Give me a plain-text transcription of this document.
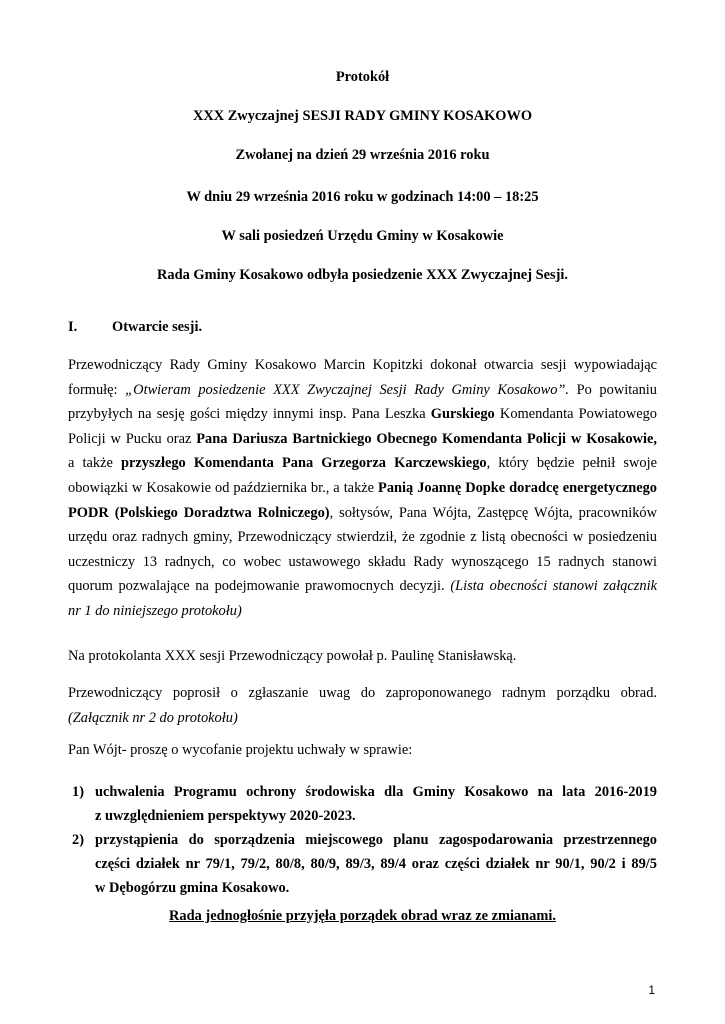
Protokół
XXX Zwyczajnej SESJI RADY GMINY KOSAKOWO
Zwołanej na dzień 29 września 2016 roku
W dniu 29 września 2016 roku w godzinach 14:00 – 18:25
W sali posiedzeń Urzędu Gminy w Kosakowie
Rada Gminy Kosakowo odbyła posiedzenie XXX Zwyczajnej Sesji.
I. Otwarcie sesji.
Przewodniczący Rady Gminy Kosakowo Marcin Kopitzki dokonał otwarcia sesji wypowiadając
formułę: „Otwieram posiedzenie XXX Zwyczajnej Sesji Rady Gminy Kosakowo”. Po powitaniu
przybyłych na sesję gości między innymi insp. Pana Leszka Gurskiego Komendanta Powiatowego
Policji w Pucku oraz Pana Dariusza Bartnickiego Obecnego Komendanta Policji w Kosakowie,
a także przyszłego Komendanta Pana Grzegorza Karczewskiego, który będzie pełnił swoje
obowiązki w Kosakowie od października br., a także Panią Joannę Dopke doradcę energetycznego
PODR (Polskiego Doradztwa Rolniczego), sołtysów, Pana Wójta, Zastępcę Wójta, pracowników
urzędu oraz radnych gminy, Przewodniczący stwierdził, że zgodnie z listą obecności w posiedzeniu
uczestniczy 13 radnych, co wobec ustawowego składu Rady wynoszącego 15 radnych stanowi
quorum pozwalające na podejmowanie prawomocnych decyzji. (Lista obecności stanowi załącznik
nr 1 do niniejszego protokołu)
Na protokolanta XXX sesji Przewodniczący powołał p. Paulinę Stanisławską.
Przewodniczący poprosił o zgłaszanie uwag do zaproponowanego radnym porządku obrad.
(Załącznik nr 2 do protokołu)
Pan Wójt- proszę o wycofanie projektu uchwały w sprawie:
1) uchwalenia Programu ochrony środowiska dla Gminy Kosakowo na lata 2016-2019
z uwzględnieniem perspektywy 2020-2023.
2) przystąpienia do sporządzenia miejscowego planu zagospodarowania przestrzennego
części działek nr 79/1, 79/2, 80/8, 80/9, 89/3, 89/4 oraz części działek nr 90/1, 90/2 i 89/5
w Dębogórzu gmina Kosakowo.
Rada jednogłośnie przyjęła porządek obrad wraz ze zmianami.
1
